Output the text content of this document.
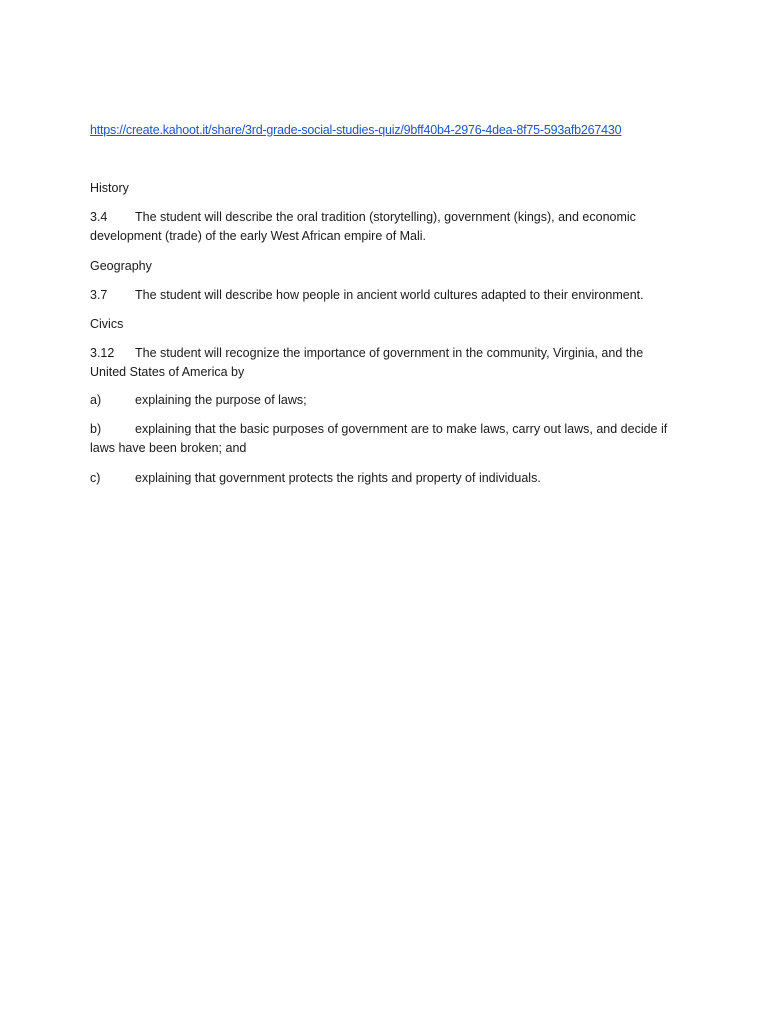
https://create.kahoot.it/share/3rd-grade-social-studies-quiz/9bff40b4-2976-4dea-8f75-593afb267430
History
3.4	The student will describe the oral tradition (storytelling), government (kings), and economic
development (trade) of the early West African empire of Mali.
Geography
3.7	The student will describe how people in ancient world cultures adapted to their environment.
Civics
3.12	The student will recognize the importance of government in the community, Virginia, and the
United States of America by
a)	explaining the purpose of laws;
b)	explaining that the basic purposes of government are to make laws, carry out laws, and decide if
laws have been broken; and
c)	explaining that government protects the rights and property of individuals.
